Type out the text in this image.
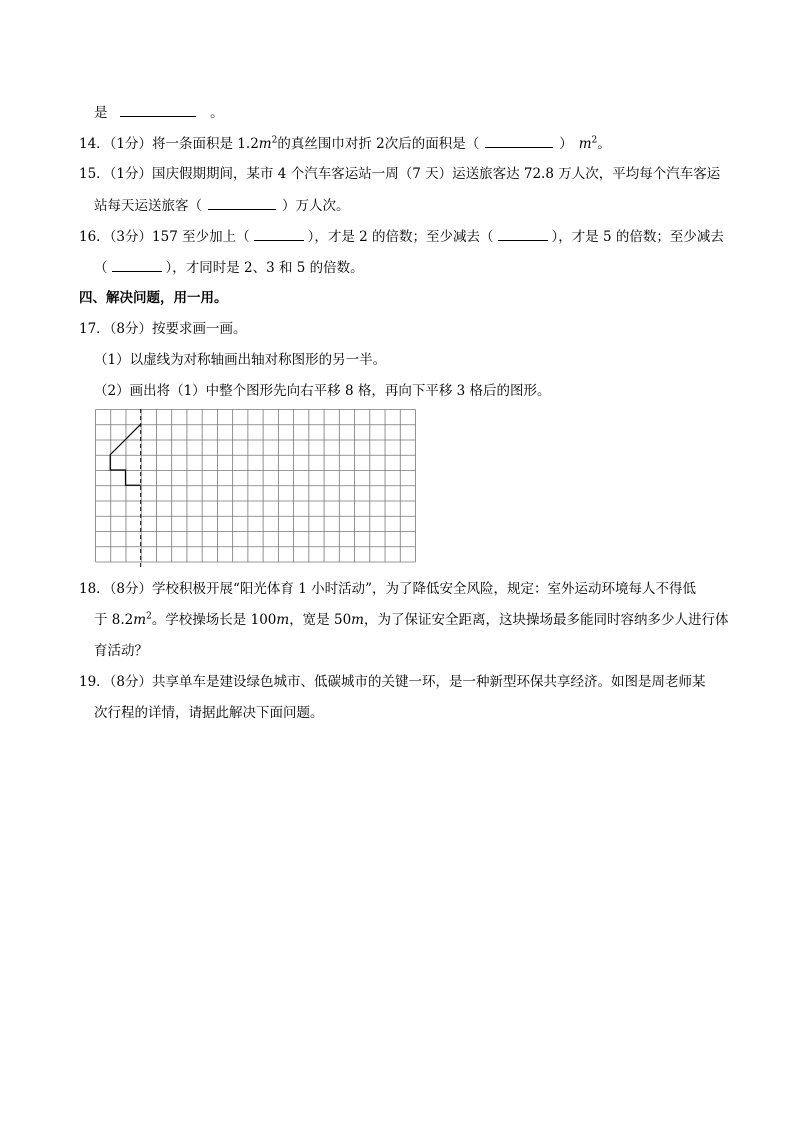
是	。
14．（1分）将一条面积是 $1.2m^2$的真丝围巾对折 2次后的面积是（	） $m^2$。
15．（1分）国庆假期期间，某市 4 个汽车客运站一周（7 天）运送旅客达 72.8 万人次，平均每个汽车客运
站每天运送旅客（	）万人次。
16．（3分）157 至少加上（	），才是 2 的倍数；至少减去（	），才是 5 的倍数；至少减去
（	），才同时是 2、3 和 5 的倍数。
四、解决问题，用一用。
17．（8分）按要求画一画。
（1）以虚线为对称轴画出轴对称图形的另一半。
（2）画出将（1）中整个图形先向右平移 8 格，再向下平移 3 格后的图形。
18．（8分）学校积极开展“阳光体育 1 小时活动”，为了降低安全风险，规定：室外运动环境每人不得低
于 $8.2m^2$。学校操场长是 100m，宽是 50m，为了保证安全距离，这块操场最多能同时容纳多少人进行体
育活动？
19．（8分）共享单车是建设绿色城市、低碳城市的关键一环，是一种新型环保共享经济。如图是周老师某
次行程的详情，请据此解决下面问题。
